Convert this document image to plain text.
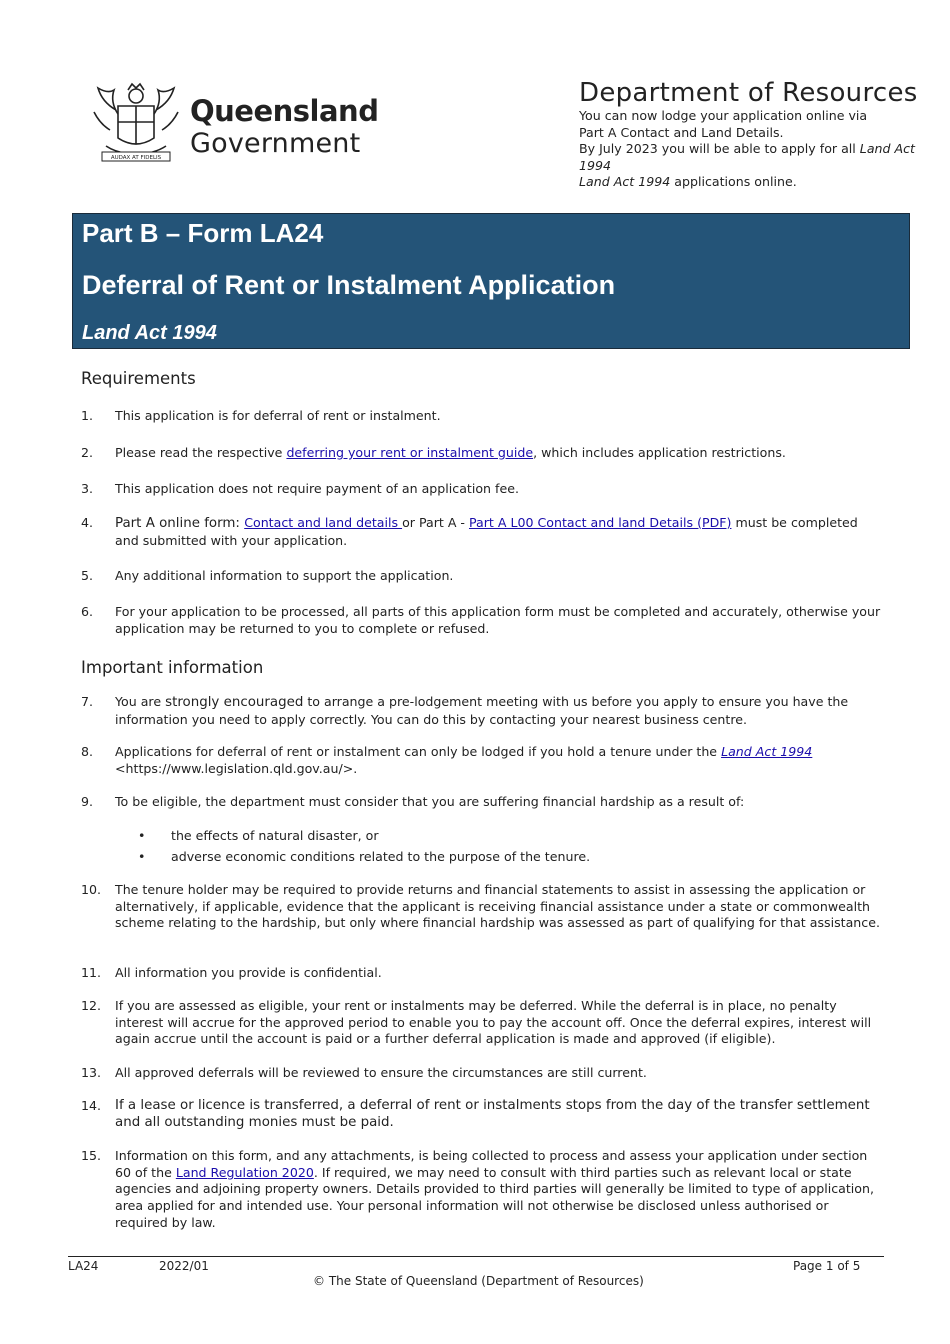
AUDAX AT FIDELIS
Queensland
Government
Department of Resources
You can now lodge your application online via
Part A Contact and Land Details.
By July 2023 you will be able to apply for all Land Act 1994
Land Act 1994 applications online.
Part B – Form LA24
Deferral of Rent or Instalment Application
Land Act 1994
Requirements
1. This application is for deferral of rent or instalment.
2. Please read the respective deferring your rent or instalment guide, which includes application restrictions.
3. This application does not require payment of an application fee.
4. Part A online form: Contact and land details or Part A - Part A L00 Contact and land Details (PDF) must be completed and submitted with your application.
5. Any additional information to support the application.
6. For your application to be processed, all parts of this application form must be completed and accurately, otherwise your application may be returned to you to complete or refused.
Important information
7. You are strongly encouraged to arrange a pre-lodgement meeting with us before you apply to ensure you have the information you need to apply correctly. You can do this by contacting your nearest business centre.
8. Applications for deferral of rent or instalment can only be lodged if you hold a tenure under the Land Act 1994 <https://www.legislation.qld.gov.au/>.
9. To be eligible, the department must consider that you are suffering financial hardship as a result of:
• the effects of natural disaster, or
• adverse economic conditions related to the purpose of the tenure.
10. The tenure holder may be required to provide returns and financial statements to assist in assessing the application or alternatively, if applicable, evidence that the applicant is receiving financial assistance under a state or commonwealth scheme relating to the hardship, but only where financial hardship was assessed as part of qualifying for that assistance.
11. All information you provide is confidential.
12. If you are assessed as eligible, your rent or instalments may be deferred. While the deferral is in place, no penalty interest will accrue for the approved period to enable you to pay the account off. Once the deferral expires, interest will again accrue until the account is paid or a further deferral application is made and approved (if eligible).
13. All approved deferrals will be reviewed to ensure the circumstances are still current.
14. If a lease or licence is transferred, a deferral of rent or instalments stops from the day of the transfer settlement and all outstanding monies must be paid.
15. Information on this form, and any attachments, is being collected to process and assess your application under section 60 of the Land Regulation 2020. If required, we may need to consult with third parties such as relevant local or state agencies and adjoining property owners. Details provided to third parties will generally be limited to type of application, area applied for and intended use. Your personal information will not otherwise be disclosed unless authorised or required by law.
LA24	2022/01	Page 1 of 5
© The State of Queensland (Department of Resources)
